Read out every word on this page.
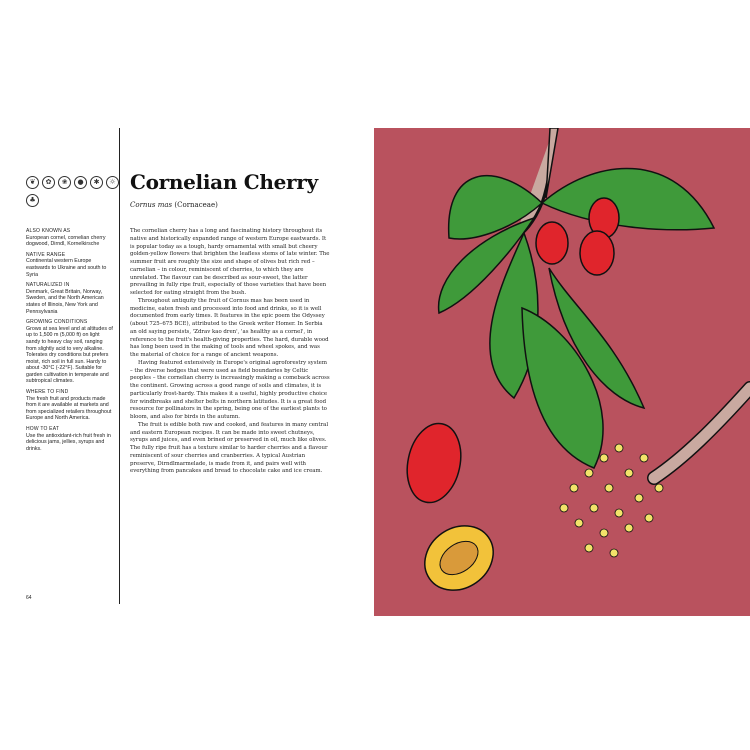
❦	✿	❀	●	✱	☼
♣

ALSO KNOWN AS

European cornel, cornelian cherry dogwood, Dirndl, Kornelkirsche

NATIVE RANGE

Continental western Europe eastwards to Ukraine and south to Syria

NATURALIZED IN

Denmark, Great Britain, Norway, Sweden, and the North American states of Illinois, New York and Pennsylvania

GROWING CONDITIONS

Grows at sea level and at altitudes of up to 1,500 m (5,000 ft) on light sandy to heavy clay soil, ranging from slightly acid to very alkaline. Tolerates dry conditions but prefers moist, rich soil in full sun. Hardy to about -30°C (-22°F). Suitable for garden cultivation in temperate and subtropical climates.

WHERE TO FIND

The fresh fruit and products made from it are available at markets and from specialized retailers throughout Europe and North America.

HOW TO EAT

Use the antioxidant-rich fruit fresh in delicious jams, jellies, syrups and drinks.

Cornelian Cherry

Cornus mas (Cornaceae)

The cornelian cherry has a long and fascinating history throughout its native and historically expanded range of western Europe eastwards. It is popular today as a tough, hardy ornamental with small but cheery golden-yellow flowers that brighten the leafless stems of late winter. The summer fruit are roughly the size and shape of olives but rich red – carnelian – in colour, reminiscent of cherries, to which they are unrelated. The flavour can be described as sour-sweet, the latter prevailing in fully ripe fruit, especially of those varieties that have been selected for eating straight from the bush.

Throughout antiquity the fruit of Cornus mas has been used in medicine, eaten fresh and processed into food and drinks, so it is well documented from early times. It features in the epic poem the Odyssey (about 725–675 BCE), attributed to the Greek writer Homer. In Serbia an old saying persists, 'Zdrav kao dren', 'as healthy as a cornel', in reference to the fruit's health-giving properties. The hard, durable wood has long been used in the making of tools and wheel spokes, and was the material of choice for a range of ancient weapons.

Having featured extensively in Europe's original agroforestry system – the diverse hedges that were used as field boundaries by Celtic peoples – the cornelian cherry is increasingly making a comeback across the continent. Growing across a good range of soils and climates, it is particularly frost-hardy. This makes it a useful, highly productive choice for windbreaks and shelter belts in northern latitudes. It is a great food resource for pollinators in the spring, being one of the earliest plants to bloom, and also for birds in the autumn.

The fruit is edible both raw and cooked, and features in many central and eastern European recipes. It can be made into sweet chutneys, syrups and juices, and even brined or preserved in oil, much like olives. The fully ripe fruit has a texture similar to harder cherries and a flavour reminiscent of sour cherries and cranberries. A typical Austrian preserve, Dirndlmarmelade, is made from it, and pairs well with everything from pancakes and bread to chocolate cake and ice cream.

64
